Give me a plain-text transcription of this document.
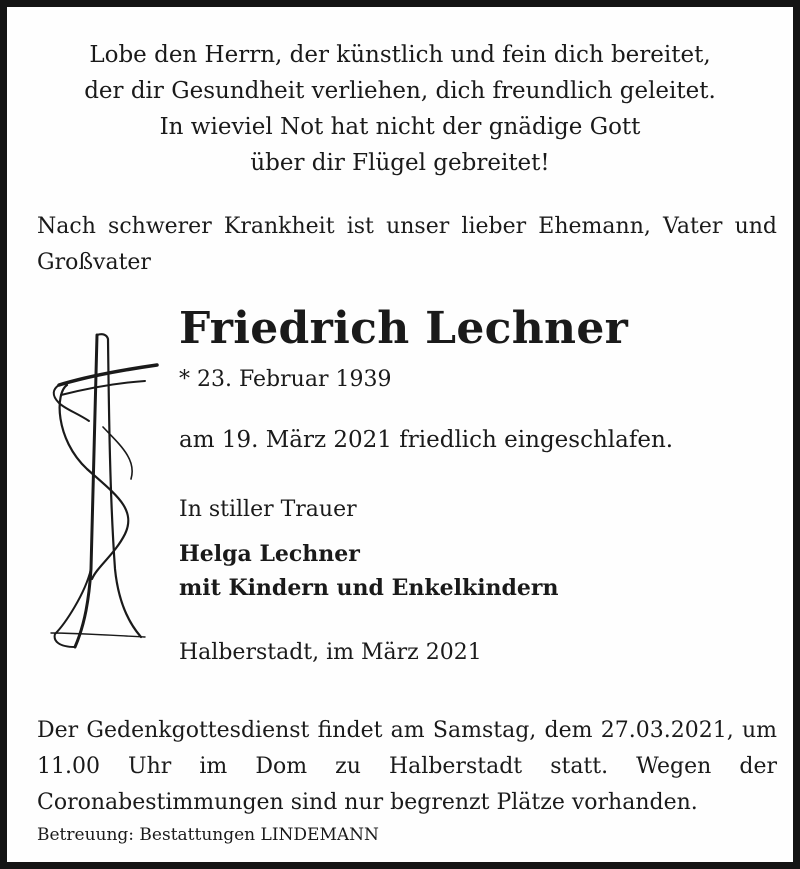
Lobe den Herrn, der künstlich und fein dich bereitet,
der dir Gesundheit verliehen, dich freundlich geleitet.
In wieviel Not hat nicht der gnädige Gott
über dir Flügel gebreitet!

Nach schwerer Krankheit ist unser lieber Ehemann, Vater und Großvater

Friedrich Lechner
* 23. Februar 1939
am 19. März 2021 friedlich eingeschlafen.
In stiller Trauer
Helga Lechner
mit Kindern und Enkelkindern
Halberstadt, im März 2021

Der Gedenkgottesdienst findet am Samstag, dem 27.03.2021, um 11.00 Uhr im Dom zu Halberstadt statt. Wegen der Coronabestimmungen sind nur begrenzt Plätze vorhanden.

Betreuung: Bestattungen LINDEMANN
